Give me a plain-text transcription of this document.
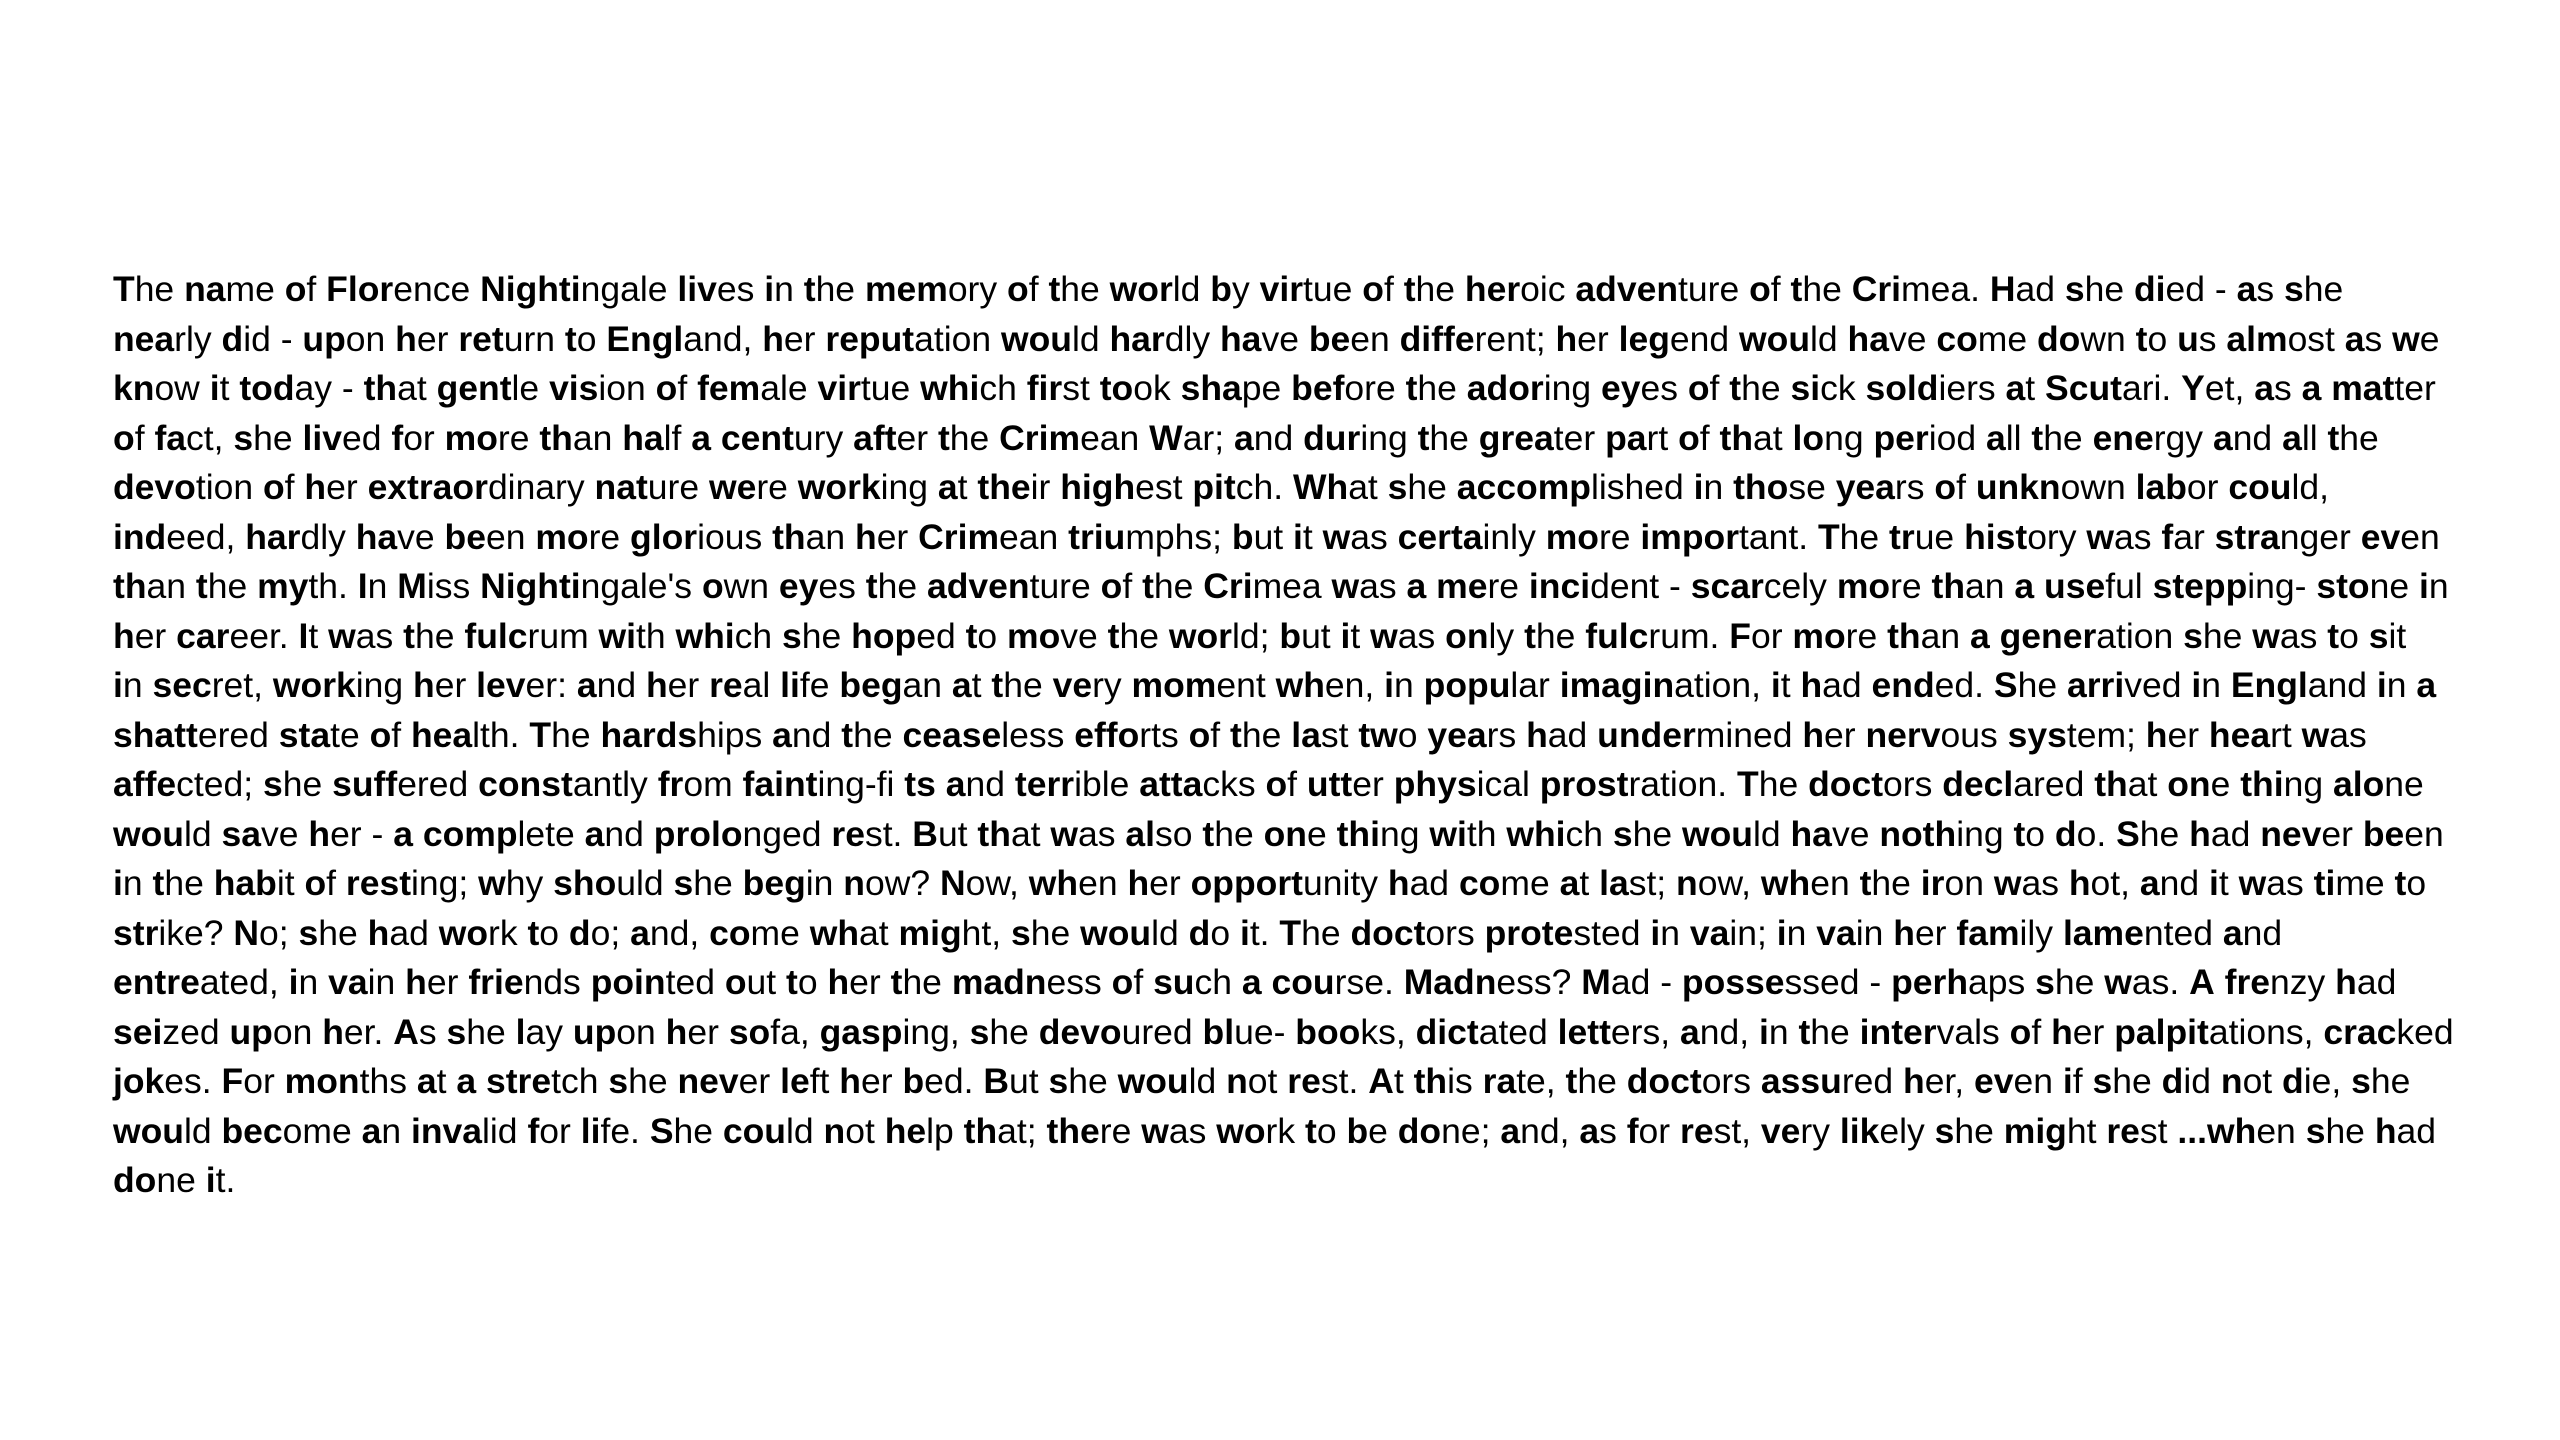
The name of Florence Nightingale lives in the memory of the world by virtue of the heroic adventure of the Crimea. Had she died - as she
nearly did - upon her return to England, her reputation would hardly have been different; her legend would have come down to us almost as we
know it today - that gentle vision of female virtue which first took shape before the adoring eyes of the sick soldiers at Scutari. Yet, as a matter
of fact, she lived for more than half a century after the Crimean War; and during the greater part of that long period all the energy and all the
devotion of her extraordinary nature were working at their highest pitch. What she accomplished in those years of unknown labor could,
indeed, hardly have been more glorious than her Crimean triumphs; but it was certainly more important. The true history was far stranger even
than the myth. In Miss Nightingale's own eyes the adventure of the Crimea was a mere incident - scarcely more than a useful stepping- stone in
her career. It was the fulcrum with which she hoped to move the world; but it was only the fulcrum. For more than a generation she was to sit
in secret, working her lever: and her real life began at the very moment when, in popular imagination, it had ended. She arrived in England in a
shattered state of health. The hardships and the ceaseless efforts of the last two years had undermined her nervous system; her heart was
affected; she suffered constantly from fainting-fi ts and terrible attacks of utter physical prostration. The doctors declared that one thing alone
would save her - a complete and prolonged rest. But that was also the one thing with which she would have nothing to do. She had never been
in the habit of resting; why should she begin now? Now, when her opportunity had come at last; now, when the iron was hot, and it was time to
strike? No; she had work to do; and, come what might, she would do it. The doctors protested in vain; in vain her family lamented and
entreated, in vain her friends pointed out to her the madness of such a course. Madness? Mad - possessed - perhaps she was. A frenzy had
seized upon her. As she lay upon her sofa, gasping, she devoured blue- books, dictated letters, and, in the intervals of her palpitations, cracked
jokes. For months at a stretch she never left her bed. But she would not rest. At this rate, the doctors assured her, even if she did not die, she
would become an invalid for life. She could not help that; there was work to be done; and, as for rest, very likely she might rest ...when she had
done it.
